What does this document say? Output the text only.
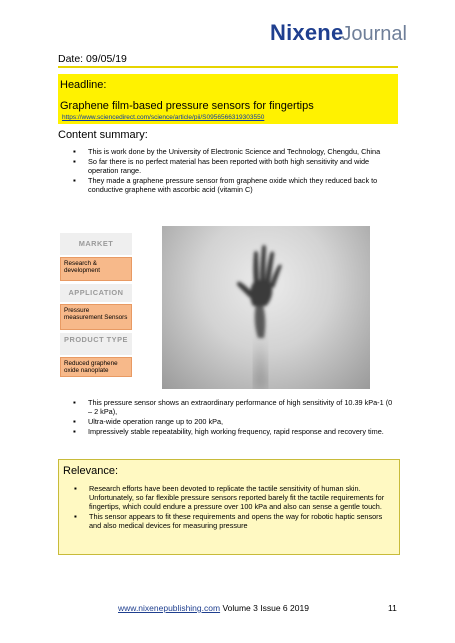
NixeneJournal
Date: 09/05/19
Headline:
Graphene film-based pressure sensors for fingertips
https://www.sciencedirect.com/science/article/pii/S0956566319303550
Content summary:
▪ This is work done by the University of Electronic Science and Technology, Chengdu, China
▪ So far there is no perfect material has been reported with both high sensitivity and wide operation range.
▪ They made a graphene pressure sensor from graphene oxide which they reduced back to conductive graphene with ascorbic acid (vitamin C)
MARKET
Research & development
APPLICATION
Pressure measurement Sensors
PRODUCT TYPE
Reduced graphene oxide nanoplate
▪ This pressure sensor shows an extraordinary performance of high sensitivity of 10.39 kPa-1 (0 – 2 kPa),
▪ Ultra-wide operation range up to 200 kPa,
▪ Impressively stable repeatability, high working frequency, rapid response and recovery time.
Relevance:
▪ Research efforts have been devoted to replicate the tactile sensitivity of human skin. Unfortunately, so far flexible pressure sensors reported barely fit the tactile requirements for fingertips, which could endure a pressure over 100 kPa and also can sense a gentle touch.
▪ This sensor appears to fit these requirements and opens the way for robotic haptic sensors and also medical devices for measuring pressure
www.nixenepublishing.com Volume 3 Issue 6 2019	11
